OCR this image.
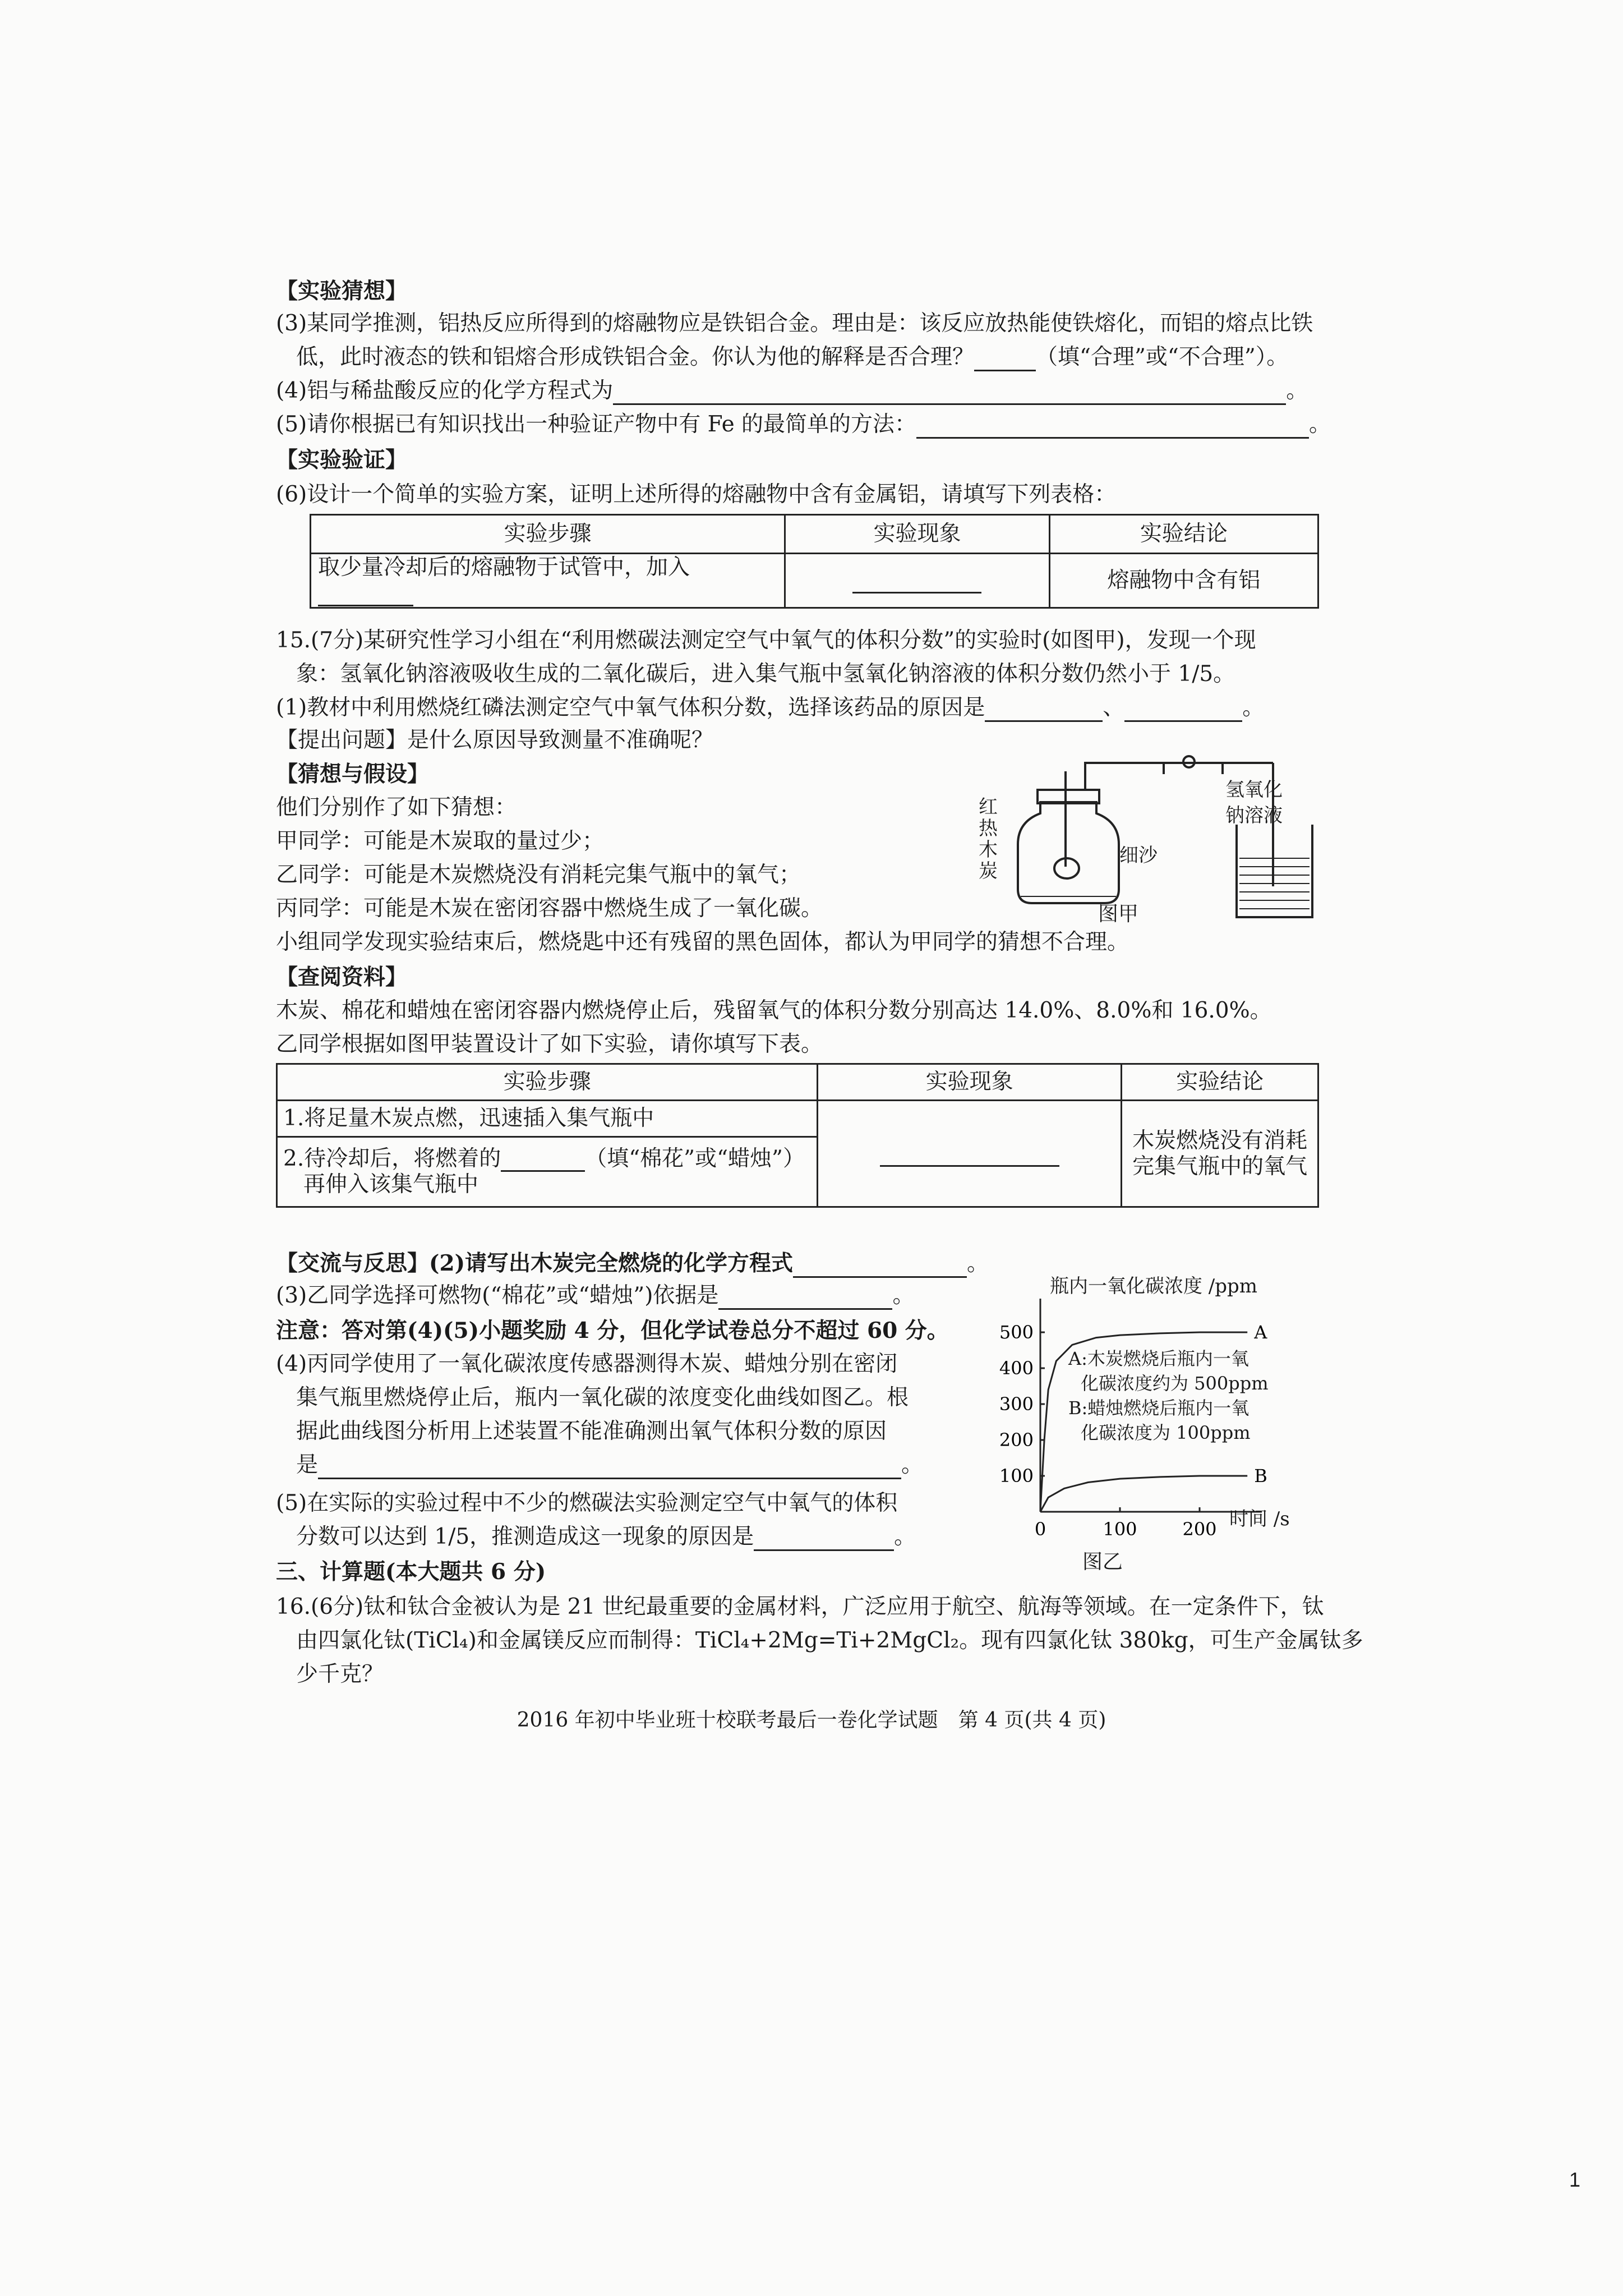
【实验猜想】
(3)某同学推测，铝热反应所得到的熔融物应是铁铝合金。理由是：该反应放热能使铁熔化，而铝的熔点比铁
低，此时液态的铁和铝熔合形成铁铝合金。你认为他的解释是否合理？	（填“合理”或“不合理”）。
(4)铝与稀盐酸反应的化学方程式为	。
(5)请你根据已有知识找出一种验证产物中有 Fe 的最简单的方法：	。
【实验验证】
(6)设计一个简单的实验方案，证明上述所得的熔融物中含有金属铝，请填写下列表格：
实验步骤	实验现象	实验结论
取少量冷却后的熔融物于试管中，加入		熔融物中含有铝
15.(7分)某研究性学习小组在“利用燃碳法测定空气中氧气的体积分数”的实验时(如图甲)，发现一个现
象：氢氧化钠溶液吸收生成的二氧化碳后，进入集气瓶中氢氧化钠溶液的体积分数仍然小于 1/5。
(1)教材中利用燃烧红磷法测定空气中氧气体积分数，选择该药品的原因是	、	。
【提出问题】是什么原因导致测量不准确呢？
【猜想与假设】
他们分别作了如下猜想：
甲同学：可能是木炭取的量过少；
乙同学：可能是木炭燃烧没有消耗完集气瓶中的氧气；
丙同学：可能是木炭在密闭容器中燃烧生成了一氧化碳。
小组同学发现实验结束后，燃烧匙中还有残留的黑色固体，都认为甲同学的猜想不合理。
【查阅资料】
木炭、棉花和蜡烛在密闭容器内燃烧停止后，残留氧气的体积分数分别高达 14.0%、8.0%和 16.0%。
乙同学根据如图甲装置设计了如下实验，请你填写下表。
红
热
木
炭
细沙
氢氧化
钠溶液
图甲
实验步骤	实验现象	实验结论
1.将足量木炭点燃，迅速插入集气瓶中		木炭燃烧没有消耗
完集气瓶中的氧气

2.待冷却后，将燃着的 （填“棉花”或“蜡烛”）
再伸入该集气瓶中		
【交流与反思】(2)请写出木炭完全燃烧的化学方程式	。
(3)乙同学选择可燃物(“棉花”或“蜡烛”)依据是	。
注意：答对第(4)(5)小题奖励 4 分，但化学试卷总分不超过 60 分。
(4)丙同学使用了一氧化碳浓度传感器测得木炭、蜡烛分别在密闭
集气瓶里燃烧停止后，瓶内一氧化碳的浓度变化曲线如图乙。根
据此曲线图分析用上述装置不能准确测出氧气体积分数的原因
是	。
(5)在实际的实验过程中不少的燃碳法实验测定空气中氧气的体积
分数可以达到 1/5，推测造成这一现象的原因是	。
瓶内一氧化碳浓度 /ppm
100
200
300
400
500
0	100	200
A
B
时间 /s
图乙
A:木炭燃烧后瓶内一氧
化碳浓度约为 500ppm
B:蜡烛燃烧后瓶内一氧
化碳浓度为 100ppm
三、计算题(本大题共 6 分)
16.(6分)钛和钛合金被认为是 21 世纪最重要的金属材料，广泛应用于航空、航海等领域。在一定条件下，钛
由四氯化钛(TiCl₄)和金属镁反应而制得：TiCl₄+2Mg=Ti+2MgCl₂。现有四氯化钛 380kg，可生产金属钛多
少千克？
2016 年初中毕业班十校联考最后一卷化学试题　第 4 页(共 4 页)
1
